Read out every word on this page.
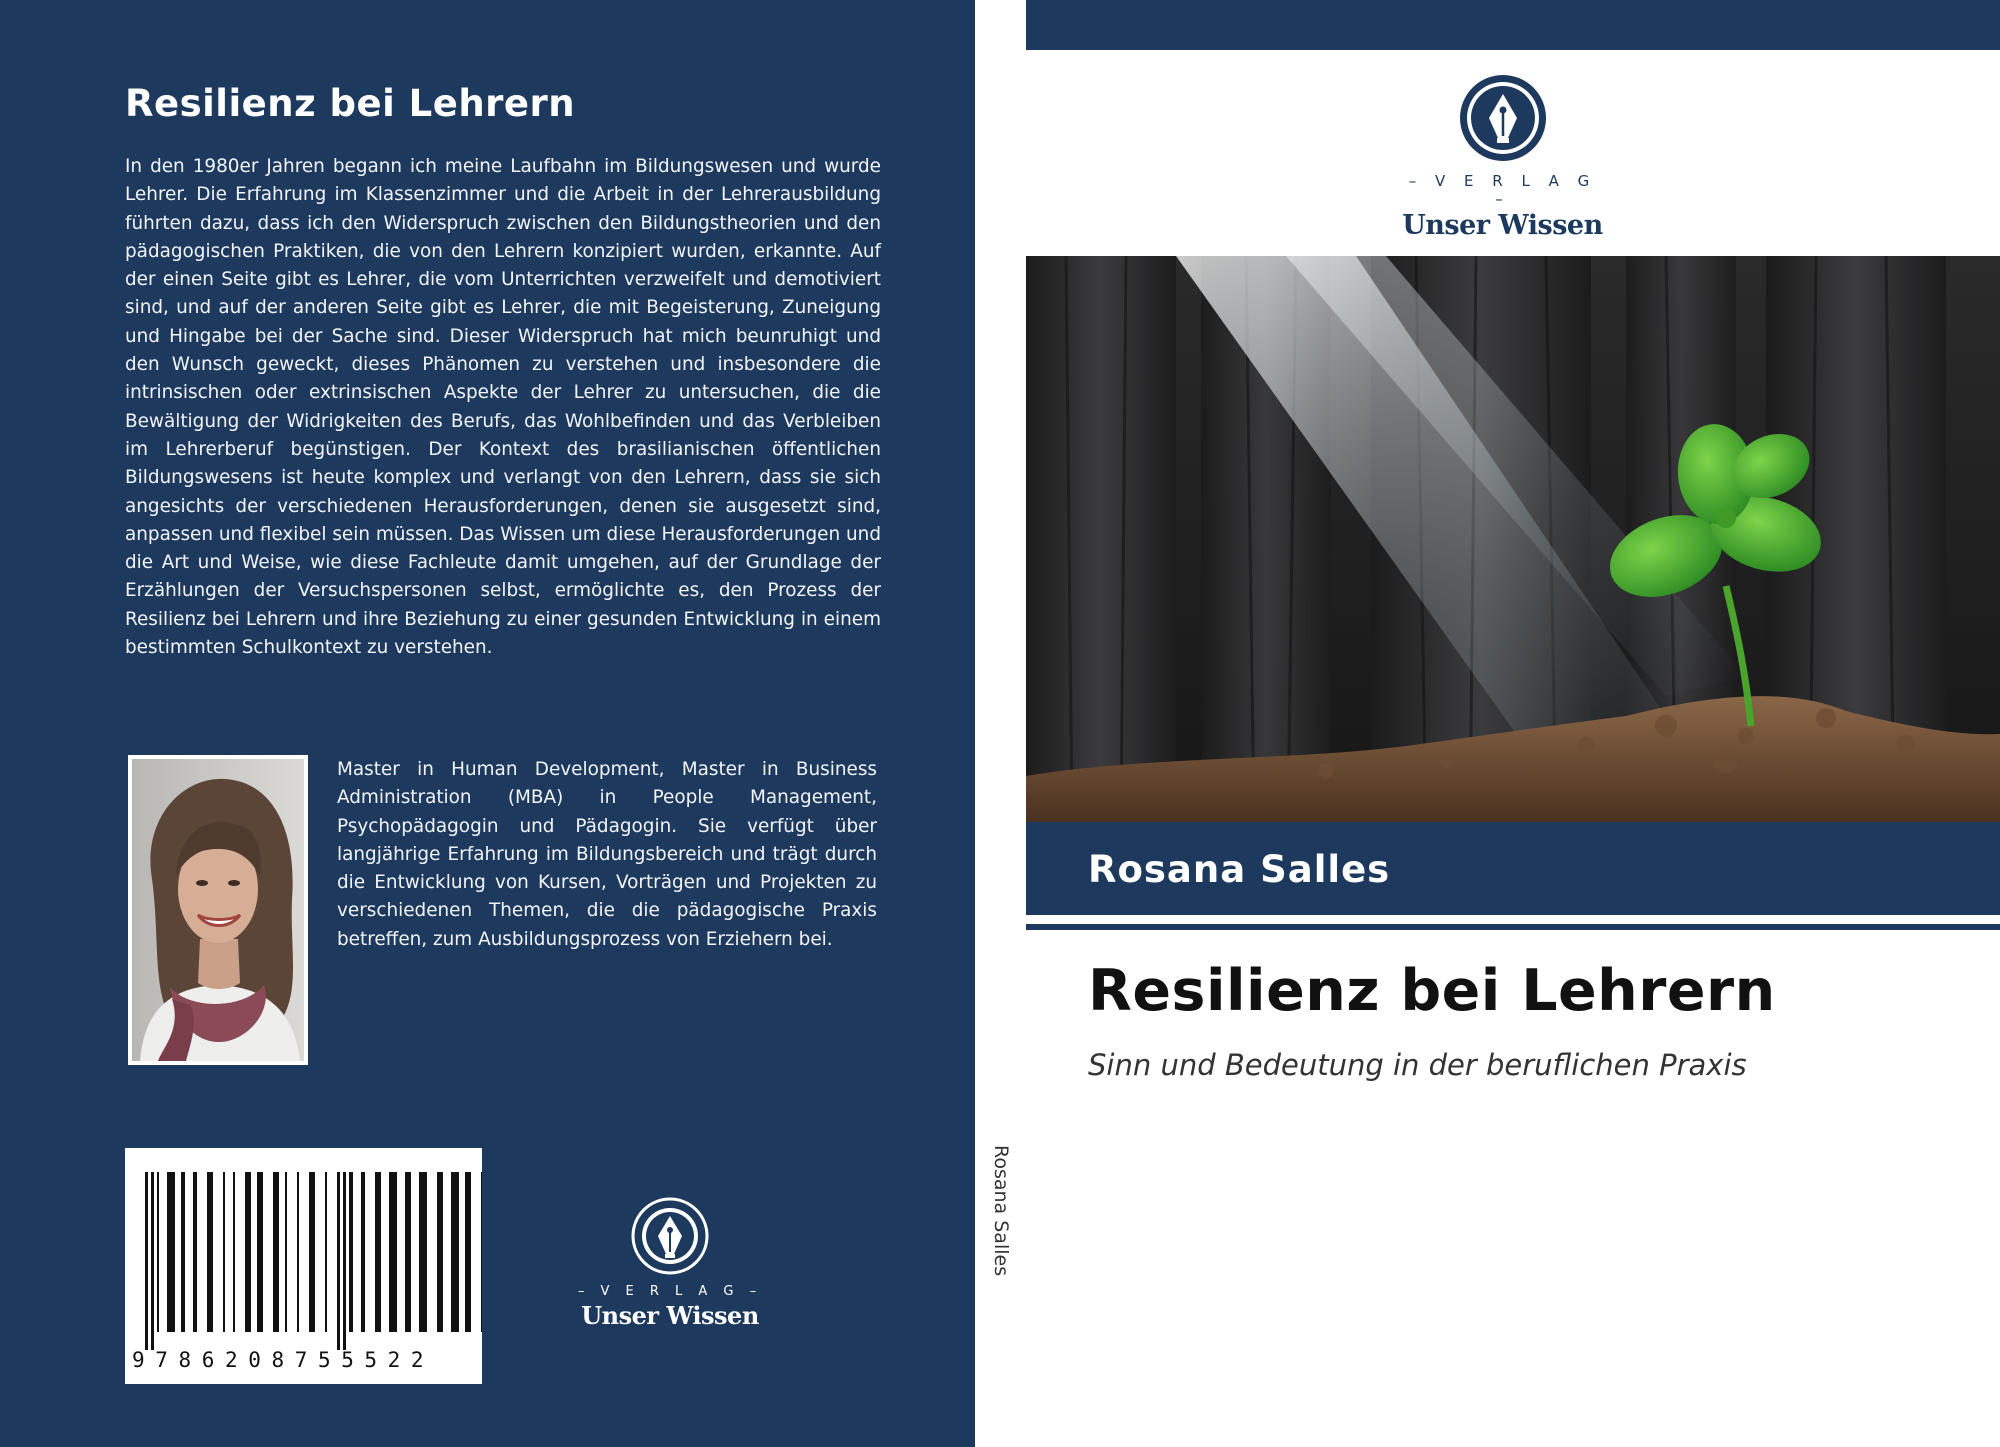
Resilienz bei Lehrern

In den 1980er Jahren begann ich meine Laufbahn im Bildungswesen und wurde Lehrer. Die Erfahrung im Klassenzimmer und die Arbeit in der Lehrerausbildung führten dazu, dass ich den Widerspruch zwischen den Bildungstheorien und den pädagogischen Praktiken, die von den Lehrern konzipiert wurden, erkannte. Auf der einen Seite gibt es Lehrer, die vom Unterrichten verzweifelt und demotiviert sind, und auf der anderen Seite gibt es Lehrer, die mit Begeisterung, Zuneigung und Hingabe bei der Sache sind. Dieser Widerspruch hat mich beunruhigt und den Wunsch geweckt, dieses Phänomen zu verstehen und insbesondere die intrinsischen oder extrinsischen Aspekte der Lehrer zu untersuchen, die die Bewältigung der Widrigkeiten des Berufs, das Wohlbefinden und das Verbleiben im Lehrerberuf begünstigen. Der Kontext des brasilianischen öffentlichen Bildungswesens ist heute komplex und verlangt von den Lehrern, dass sie sich angesichts der verschiedenen Herausforderungen, denen sie ausgesetzt sind, anpassen und flexibel sein müssen. Das Wissen um diese Herausforderungen und die Art und Weise, wie diese Fachleute damit umgehen, auf der Grundlage der Erzählungen der Versuchspersonen selbst, ermöglichte es, den Prozess der Resilienz bei Lehrern und ihre Beziehung zu einer gesunden Entwicklung in einem bestimmten Schulkontext zu verstehen.

Master in Human Development, Master in Business Administration (MBA) in People Management, Psychopädagogin und Pädagogin. Sie verfügt über langjährige Erfahrung im Bildungsbereich und trägt durch die Entwicklung von Kursen, Vorträgen und Projekten zu verschiedenen Themen, die die pädagogische Praxis betreffen, zum Ausbildungsprozess von Erziehern bei.

9786208755522
– V E R L A G –
Unser Wissen
Rosana Salles
– V E R L A G –
Unser Wissen
Rosana Salles
Resilienz bei Lehrern

Sinn und Bedeutung in der beruflichen Praxis
